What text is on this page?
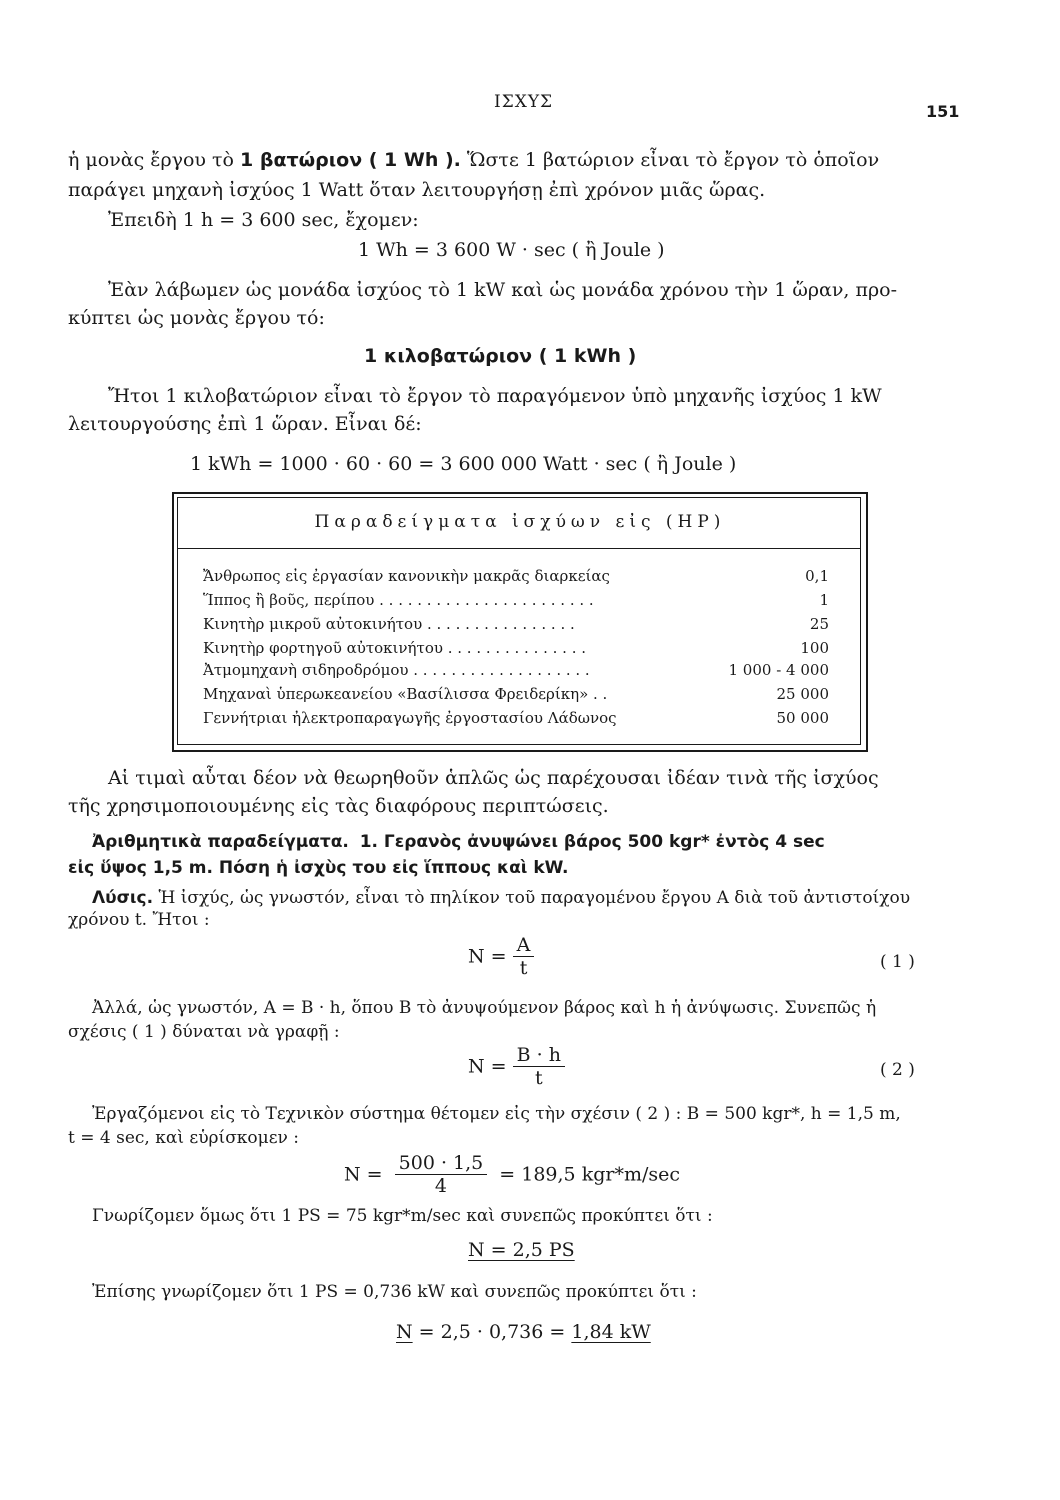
ΙΣΧΥΣ	151
ἡ μονὰς ἔργου τὸ 1 βατώριον ( 1 Wh ). Ὥστε 1 βατώριον εἶναι τὸ ἔργον τὸ ὁποῖον
παράγει μηχανὴ ἰσχύος 1 Watt ὅταν λειτουργήσῃ ἐπὶ χρόνον μιᾶς ὥρας.
Ἐπειδὴ 1 h = 3 600 sec, ἔχομεν:
1 Wh = 3 600 W · sec ( ἢ Joule )
Ἐὰν λάβωμεν ὡς μονάδα ἰσχύος τὸ 1 kW καὶ ὡς μονάδα χρόνου τὴν 1 ὥραν, προ-
κύπτει ὡς μονὰς ἔργου τό:
1 κιλοβατώριον ( 1 kWh )
Ἤτοι 1 κιλοβατώριον εἶναι τὸ ἔργον τὸ παραγόμενον ὑπὸ μηχανῆς ἰσχύος 1 kW
λειτουργούσης ἐπὶ 1 ὥραν. Εἶναι δέ:
1 kWh = 1000 · 60 · 60 = 3 600 000 Watt · sec ( ἢ Joule )
Παραδείγματα ἰσχύων εἰς (HP)
Ἄνθρωπος εἰς ἐργασίαν κανονικὴν μακρᾶς διαρκείας	0,1
Ἵππος ἢ βοῦς, περίπου . . . . . . . . . . . . . . . . . . . . . . .	1
Κινητὴρ μικροῦ αὐτοκινήτου . . . . . . . . . . . . . . . .	25
Κινητὴρ φορτηγοῦ αὐτοκινήτου . . . . . . . . . . . . . . .	100
Ἀτμομηχανὴ σιδηροδρόμου . . . . . . . . . . . . . . . . . . .	1 000 - 4 000
Μηχαναὶ ὑπερωκεανείου «Βασίλισσα Φρειδερίκη» . .	25 000
Γεννήτριαι ἠλεκτροπαραγωγῆς ἐργοστασίου Λάδωνος	50 000
Αἱ τιμαὶ αὗται δέον νὰ θεωρηθοῦν ἁπλῶς ὡς παρέχουσαι ἰδέαν τινὰ τῆς ἰσχύος
τῆς χρησιμοποιουμένης εἰς τὰς διαφόρους περιπτώσεις.
Ἀριθμητικὰ παραδείγματα. 1. Γερανὸς ἀνυψώνει βάρος 500 kgr* ἐντὸς 4 sec
εἰς ὕψος 1,5 m. Πόση ἡ ἰσχὺς του εἰς ἵππους καὶ kW.
Λύσις. Ἡ ἰσχύς, ὡς γνωστόν, εἶναι τὸ πηλίκον τοῦ παραγομένου ἔργου Α διὰ τοῦ ἀντιστοίχου
χρόνου t. Ἤτοι :
$N = \frac{A}{t}$	( 1 )
Ἀλλά, ὡς γνωστόν, Α = Β · h, ὅπου Β τὸ ἀνυψούμενον βάρος καὶ h ἡ ἀνύψωσις. Συνεπῶς ἡ
σχέσις ( 1 ) δύναται νὰ γραφῇ :
$N = \frac{B \cdot h}{t}$	( 2 )
Ἐργαζόμενοι εἰς τὸ Τεχνικὸν σύστημα θέτομεν εἰς τὴν σχέσιν ( 2 ) : Β = 500 kgr*, h = 1,5 m,
t = 4 sec, καὶ εὑρίσκομεν :
$N = \frac{500 \cdot 1,5}{4} = 189,5$ kgr*m/sec
Γνωρίζομεν ὅμως ὅτι 1 PS = 75 kgr*m/sec καὶ συνεπῶς προκύπτει ὅτι :
N = 2,5 PS
Ἐπίσης γνωρίζομεν ὅτι 1 PS = 0,736 kW καὶ συνεπῶς προκύπτει ὅτι :
N = 2,5 · 0,736 = 1,84 kW
